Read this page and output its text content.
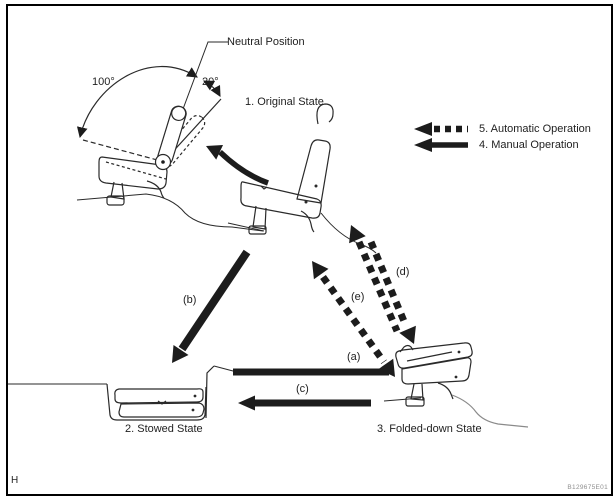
Neutral Position
100°	20°
1. Original State
2. Stowed State	3. Folded-down State
5. Automatic Operation
4. Manual Operation
(b)
(d)
(e)
(a)
(c)
H
B129675E01
